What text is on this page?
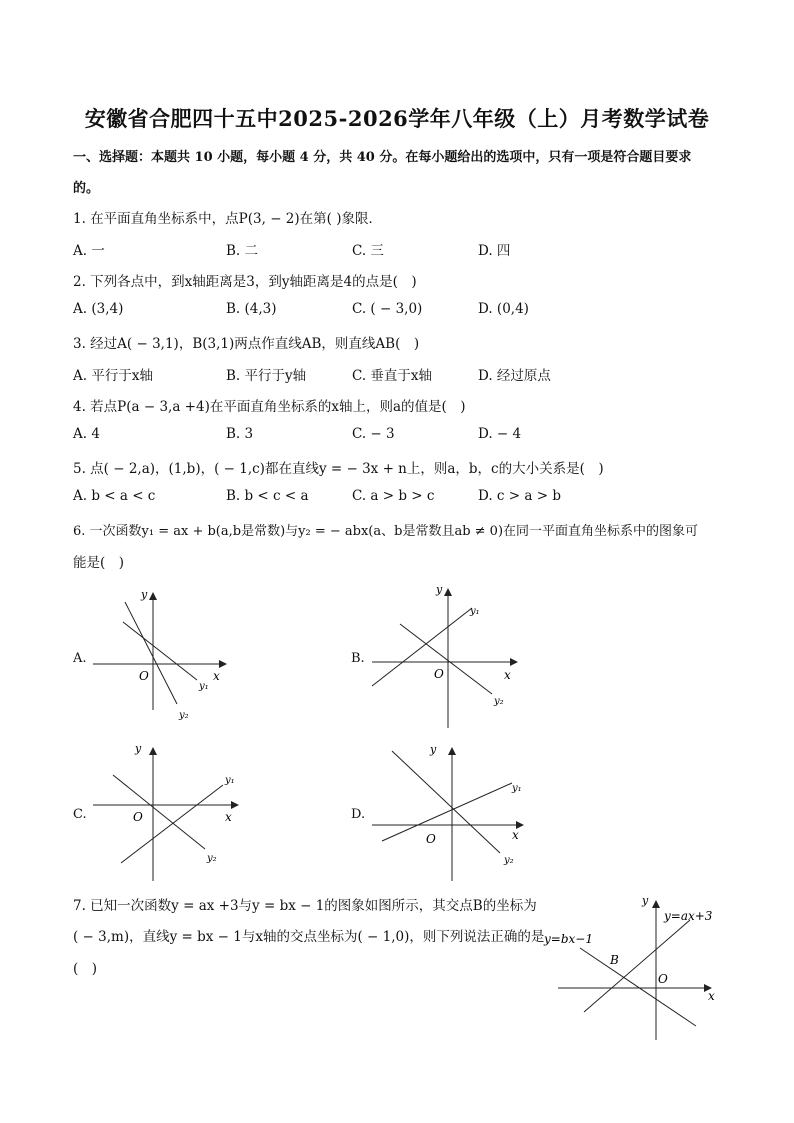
安徽省合肥四十五中2025-2026学年八年级（上）月考数学试卷
一、选择题：本题共 10 小题，每小题 4 分，共 40 分。在每小题给出的选项中，只有一项是符合题目要求
的。
1. 在平面直角坐标系中，点P(3, − 2)在第( )象限．
A. 一	B. 二	C. 三	D. 四
2. 下列各点中，到x轴距离是3，到y轴距离是4的点是(　)
A. (3,4)	B. (4,3)	C. ( − 3,0)	D. (0,4)
3. 经过A( − 3,1)，B(3,1)两点作直线AB，则直线AB(　)
A. 平行于x轴	B. 平行于y轴	C. 垂直于x轴	D. 经过原点
4. 若点P(a − 3,a +4)在平面直角坐标系的x轴上，则a的值是(　)
A. 4	B. 3	C. − 3	D. − 4
5. 点( − 2,a)，(1,b)，( − 1,c)都在直线y = − 3x + n上，则a，b，c的大小关系是(　)
A. b < a < c	B. b < c < a	C. a > b > c	D. c > a > b
6. 一次函数y₁ = ax + b(a,b是常数)与y₂ = − abx(a、b是常数且ab ≠ 0)在同一平面直角坐标系中的图象可
能是(　)
A.	B.
C.	D.
y
x
O
y₁
y₂
y
x
O
y₁
y₂
y
x
O
y₁
y₂
y
x
O
y₁
y₂
7. 已知一次函数y = ax +3与y = bx − 1的图象如图所示，其交点B的坐标为
( − 3,m)，直线y = bx − 1与x轴的交点坐标为( − 1,0)，则下列说法正确的是
(　)
y
x
O
y=ax+3
y=bx−1
B
